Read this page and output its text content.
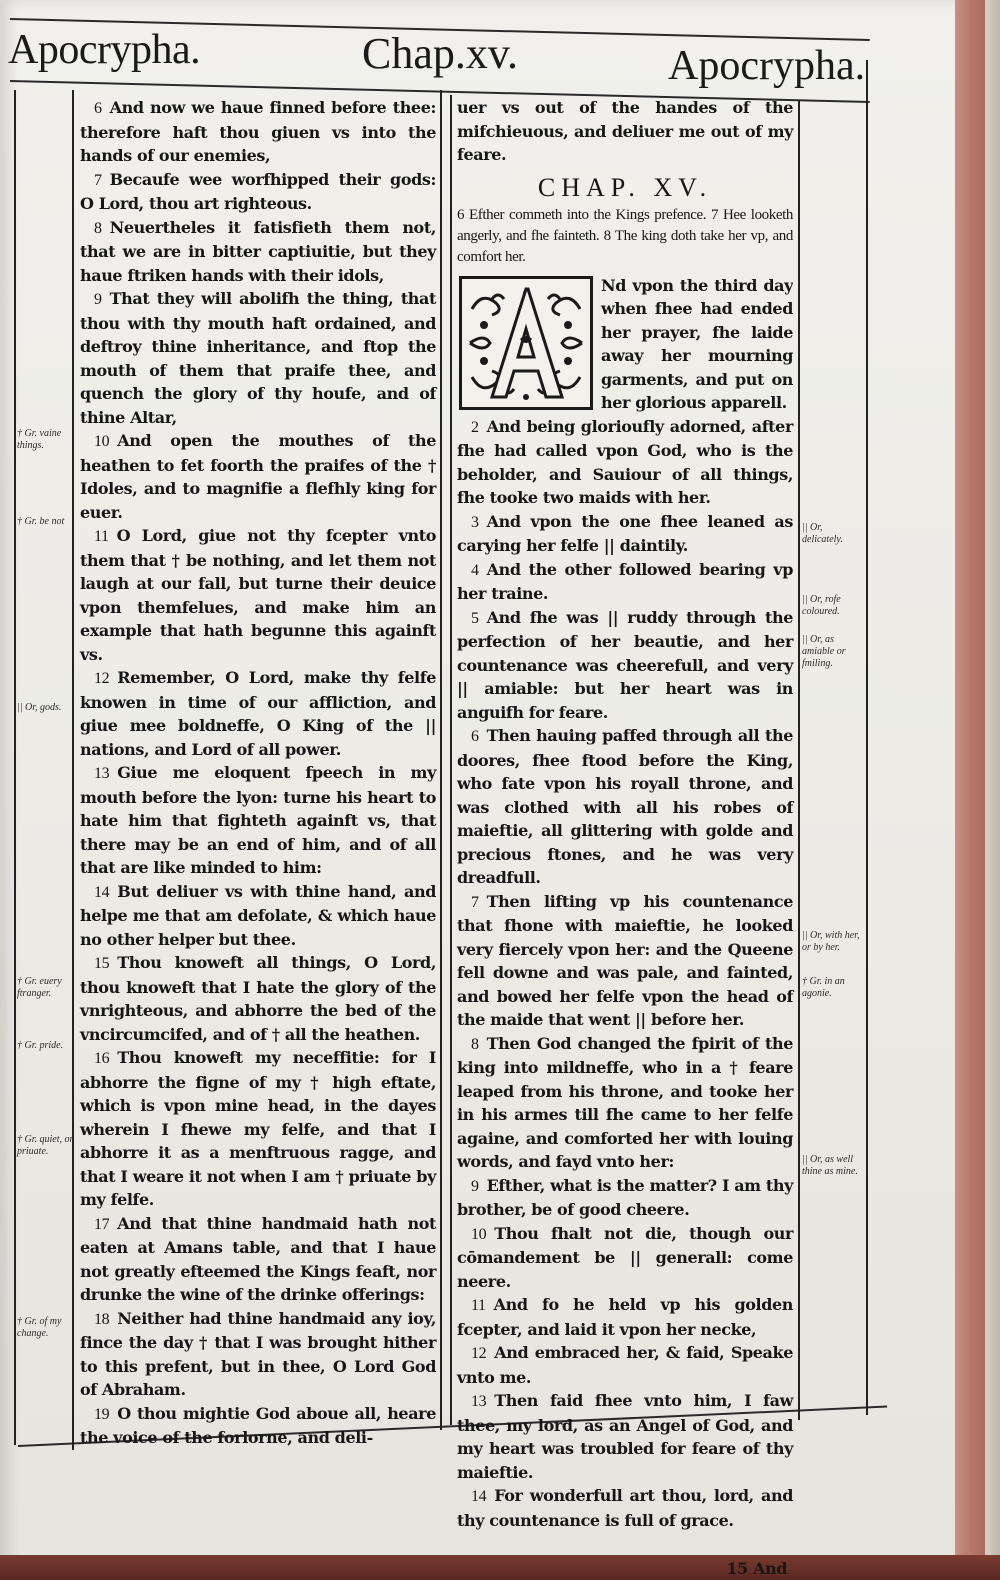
Apocrypha.	Chap.xv.	Apocrypha.

6 And now we haue finned before thee: therefore haft thou giuen vs into the hands of our enemies,

7 Becaufe wee worfhipped their gods: O Lord, thou art righteous.

8 Neuertheles it fatisfieth them not, that we are in bitter captiuitie, but they haue ftriken hands with their idols,

9 That they will abolifh the thing, that thou with thy mouth haft ordained, and deftroy thine inheritance, and ftop the mouth of them that praife thee, and quench the glory of thy houfe, and of thine Altar,

10 And open the mouthes of the heathen to fet foorth the praifes of the † Idoles, and to magnifie a flefhly king for euer.

11 O Lord, giue not thy fcepter vnto them that † be nothing, and let them not laugh at our fall, but turne their deuice vpon themfelues, and make him an example that hath begunne this againft vs.

12 Remember, O Lord, make thy felfe knowen in time of our affliction, and giue mee boldneffe, O King of the || nations, and Lord of all power.

13 Giue me eloquent fpeech in my mouth before the lyon: turne his heart to hate him that fighteth againft vs, that there may be an end of him, and of all that are like minded to him:

14 But deliuer vs with thine hand, and helpe me that am defolate, & which haue no other helper but thee.

15 Thou knoweft all things, O Lord, thou knoweft that I hate the glory of the vnrighteous, and abhorre the bed of the vncircumcifed, and of † all the heathen.

16 Thou knoweft my neceffitie: for I abhorre the figne of my † high eftate, which is vpon mine head, in the dayes wherein I fhewe my felfe, and that I abhorre it as a menftruous ragge, and that I weare it not when I am † priuate by my felfe.

17 And that thine handmaid hath not eaten at Amans table, and that I haue not greatly efteemed the Kings feaft, nor drunke the wine of the drinke offerings:

18 Neither had thine handmaid any ioy, fince the day † that I was brought hither to this prefent, but in thee, O Lord God of Abraham.

19 O thou mightie God aboue all, heare the voice of the forlorne, and deli-

uer vs out of the handes of the mifchieuous, and deliuer me out of my feare.

CHAP. XV.

6 Efther commeth into the Kings prefence. 7 Hee looketh angerly, and fhe fainteth. 8 The king doth take her vp, and comfort her.

Nd vpon the third day when fhee had ended her prayer, fhe laide away her mourning garments, and put on her glorious apparell.

2 And being glorioufly adorned, after fhe had called vpon God, who is the beholder, and Sauiour of all things, fhe tooke two maids with her.

3 And vpon the one fhee leaned as carying her felfe || daintily.

4 And the other followed bearing vp her traine.

5 And fhe was || ruddy through the perfection of her beautie, and her countenance was cheerefull, and very || amiable: but her heart was in anguifh for feare.

6 Then hauing paffed through all the doores, fhee ftood before the King, who fate vpon his royall throne, and was clothed with all his robes of maieftie, all glittering with golde and precious ftones, and he was very dreadfull.

7 Then lifting vp his countenance that fhone with maieftie, he looked very fiercely vpon her: and the Queene fell downe and was pale, and fainted, and bowed her felfe vpon the head of the maide that went || before her.

8 Then God changed the fpirit of the king into mildneffe, who in a † feare leaped from his throne, and tooke her in his armes till fhe came to her felfe againe, and comforted her with louing words, and fayd vnto her:

9 Efther, what is the matter? I am thy brother, be of good cheere.

10 Thou fhalt not die, though our cōmandement be || generall: come neere.

11 And fo he held vp his golden fcepter, and laid it vpon her necke,

12 And embraced her, & faid, Speake vnto me.

13 Then faid fhee vnto him, I faw thee, my lord, as an Angel of God, and my heart was troubled for feare of thy maieftie.

14 For wonderfull art thou, lord, and thy countenance is full of grace.

15 And
† Gr. vaine things.
† Gr. be not
|| Or, gods.
† Gr. euery ftranger.
† Gr. pride.
† Gr. quiet, or priuate.
† Gr. of my change.
|| Or, delicately.
|| Or, rofe coloured.
|| Or, as amiable or fmiling.
|| Or, with her, or by her.
† Gr. in an agonie.
|| Or, as well thine as mine.
